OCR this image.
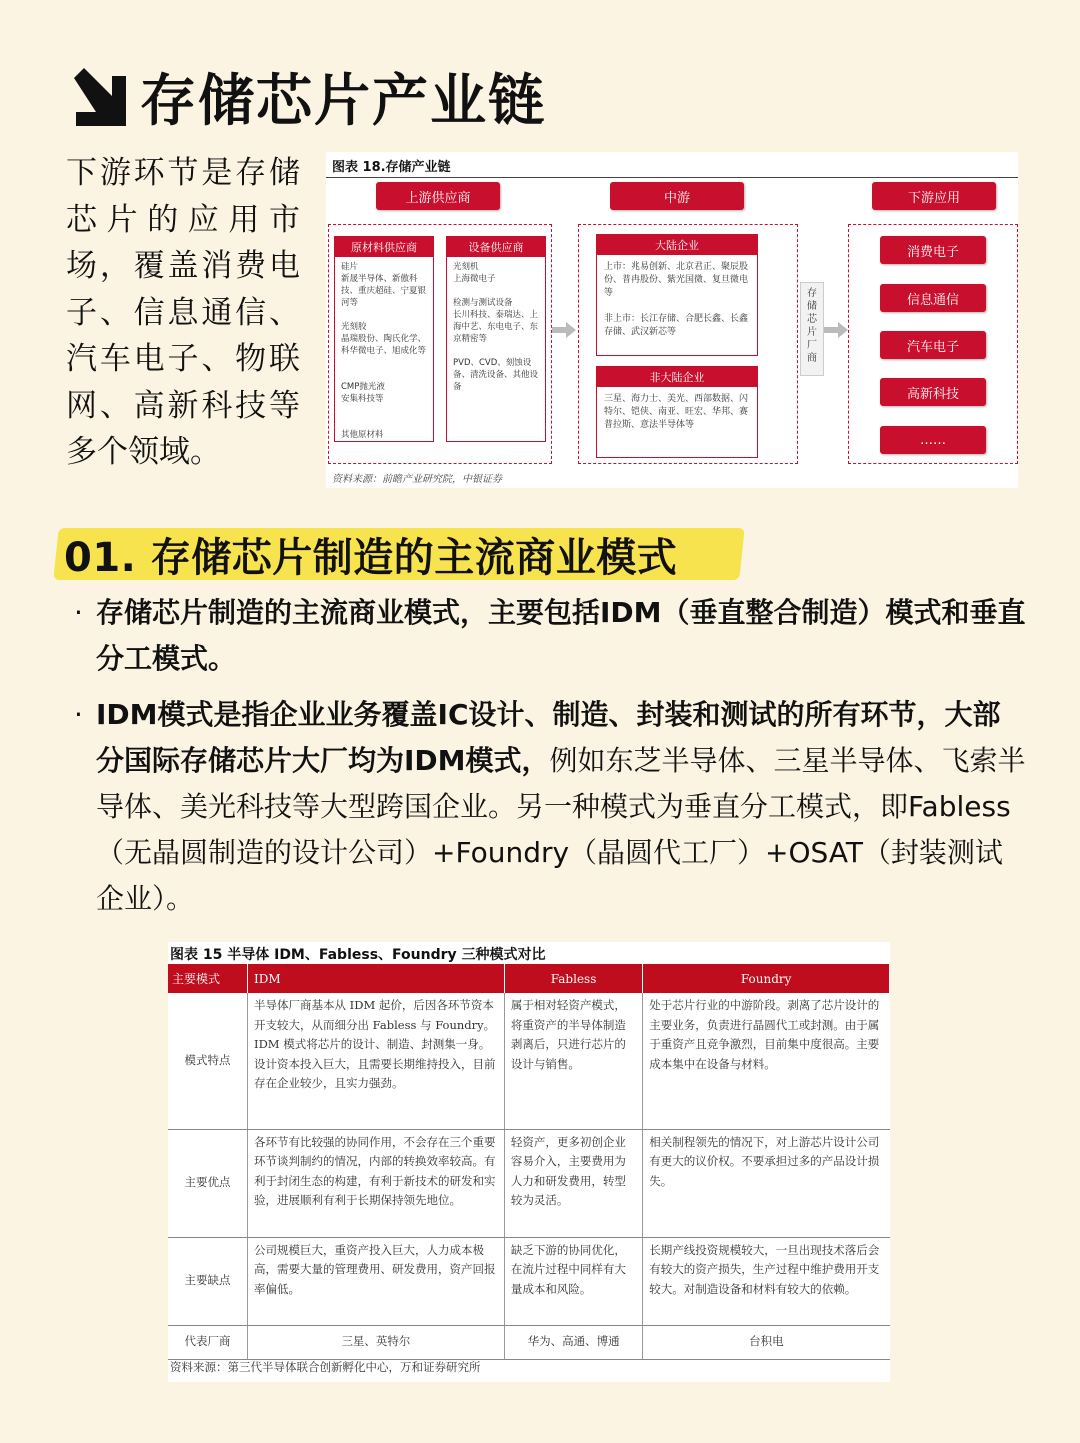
存储芯片产业链
下游环节是存储芯片的应用市场，覆盖消费电子、信息通信、汽车电子、物联网、高新科技等多个领域。
图表 18.存储产业链
上游供应商	中游	下游应用
原材料供应商
硅片
新晟半导体、新傲科技、重庆超硅、宁夏银河等

光刻胶
晶瑞股份、陶氏化学、科华微电子、旭成化等

CMP抛光液
安集科技等

其他原材料
设备供应商
光刻机
上海微电子

检测与测试设备
长川科技、泰瑞达、上海中艺、东电电子、东京精密等

PVD、CVD、刻蚀设备、清洗设备、其他设备
大陆企业
上市：兆易创新、北京君正、聚辰股份、普冉股份、紫光国微、复旦微电等

非上市：长江存储、合肥长鑫、长鑫存储、武汉新芯等
非大陆企业
三星、海力士、美光、西部数据、闪特尔、铠侠、南亚、旺宏、华邦、赛普拉斯、意法半导体等
存储芯片厂商
消费电子
信息通信
汽车电子
高新科技
……
资料来源：前瞻产业研究院，中银证券
01. 存储芯片制造的主流商业模式
· 存储芯片制造的主流商业模式，主要包括IDM（垂直整合制造）模式和垂直分工模式。
· IDM模式是指企业业务覆盖IC设计、制造、封装和测试的所有环节，大部分国际存储芯片大厂均为IDM模式，例如东芝半导体、三星半导体、飞索半导体、美光科技等大型跨国企业。另一种模式为垂直分工模式，即Fabless（无晶圆制造的设计公司）+Foundry（晶圆代工厂）+OSAT（封装测试企业）。
图表 15 半导体 IDM、Fabless、Foundry 三种模式对比
主要模式	IDM	Fabless	Foundry
模式特点	半导体厂商基本从 IDM 起价，后因各环节资本开支较大，从而细分出 Fabless 与 Foundry。IDM 模式将芯片的设计、制造、封测集一身。设计资本投入巨大，且需要长期维持投入，目前存在企业较少，且实力强劲。	属于相对轻资产模式，将重资产的半导体制造剥离后，只进行芯片的设计与销售。	处于芯片行业的中游阶段。剥离了芯片设计的主要业务，负责进行晶圆代工或封测。由于属于重资产且竞争激烈，目前集中度很高。主要成本集中在设备与材料。
主要优点	各环节有比较强的协同作用，不会存在三个重要环节谈判制约的情况，内部的转换效率较高。有利于封闭生态的构建，有利于新技术的研发和实验，进展顺利有利于长期保持领先地位。	轻资产，更多初创企业容易介入，主要费用为人力和研发费用，转型较为灵活。	相关制程领先的情况下，对上游芯片设计公司有更大的议价权。不要承担过多的产品设计损失。
主要缺点	公司规模巨大，重资产投入巨大，人力成本极高，需要大量的管理费用、研发费用，资产回报率偏低。	缺乏下游的协同优化，在流片过程中同样有大量成本和风险。	长期产线投资规模较大，一旦出现技术落后会有较大的资产损失，生产过程中维护费用开支较大。对制造设备和材料有较大的依赖。
代表厂商	三星、英特尔	华为、高通、博通	台积电
资料来源：第三代半导体联合创新孵化中心，万和证券研究所
